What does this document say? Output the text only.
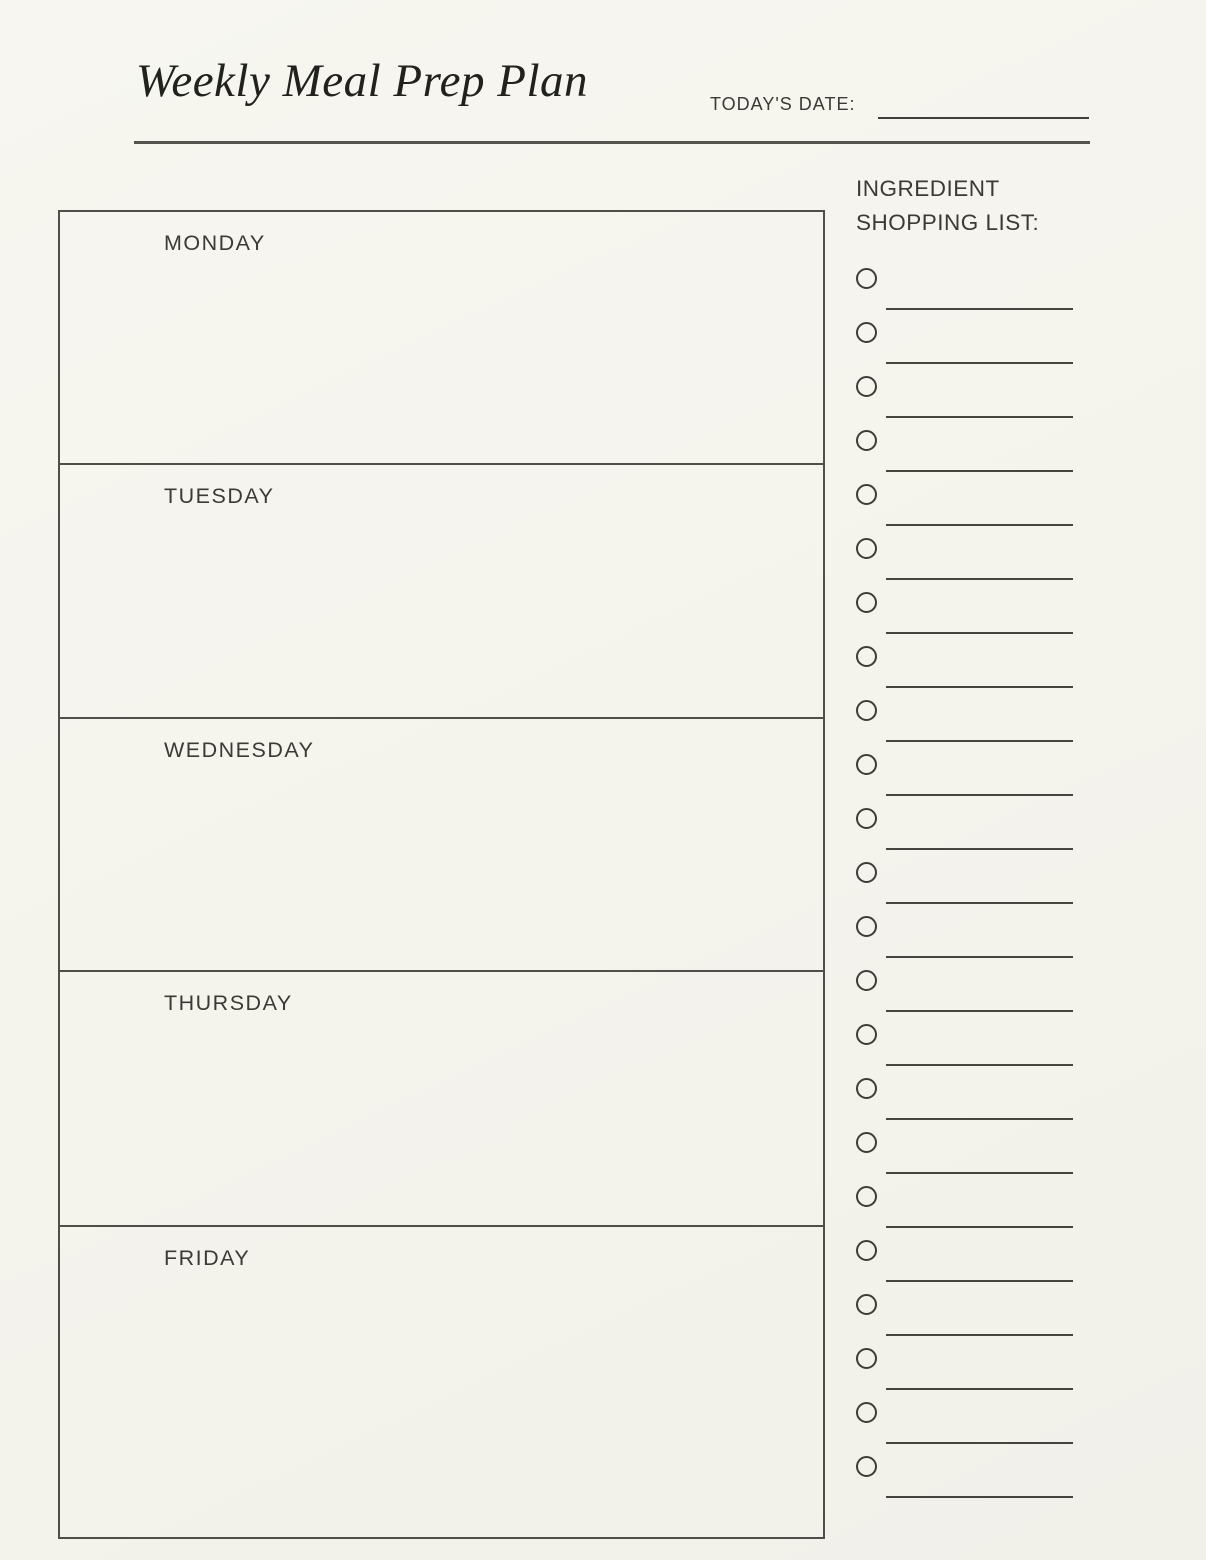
Weekly Meal Prep Plan	TODAY'S DATE:
MONDAY
TUESDAY
WEDNESDAY
THURSDAY
FRIDAY
INGREDIENT
SHOPPING LIST:
